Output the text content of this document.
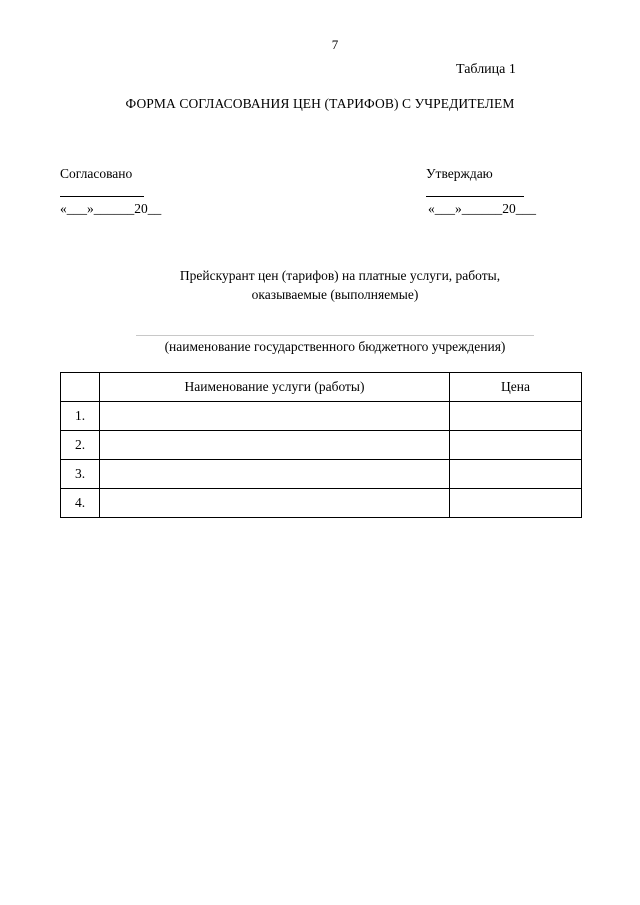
7
Таблица 1
ФОРМА СОГЛАСОВАНИЯ ЦЕН (ТАРИФОВ) С УЧРЕДИТЕЛЕМ
Согласовано
«___»______20__
Утверждаю
«___»______20___
Прейскурант цен (тарифов) на платные услуги, работы,
оказываемые (выполняемые)
(наименование государственного бюджетного учреждения)
	Наименование услуги (работы)	Цена
1.		
2.		
3.		
4.		
